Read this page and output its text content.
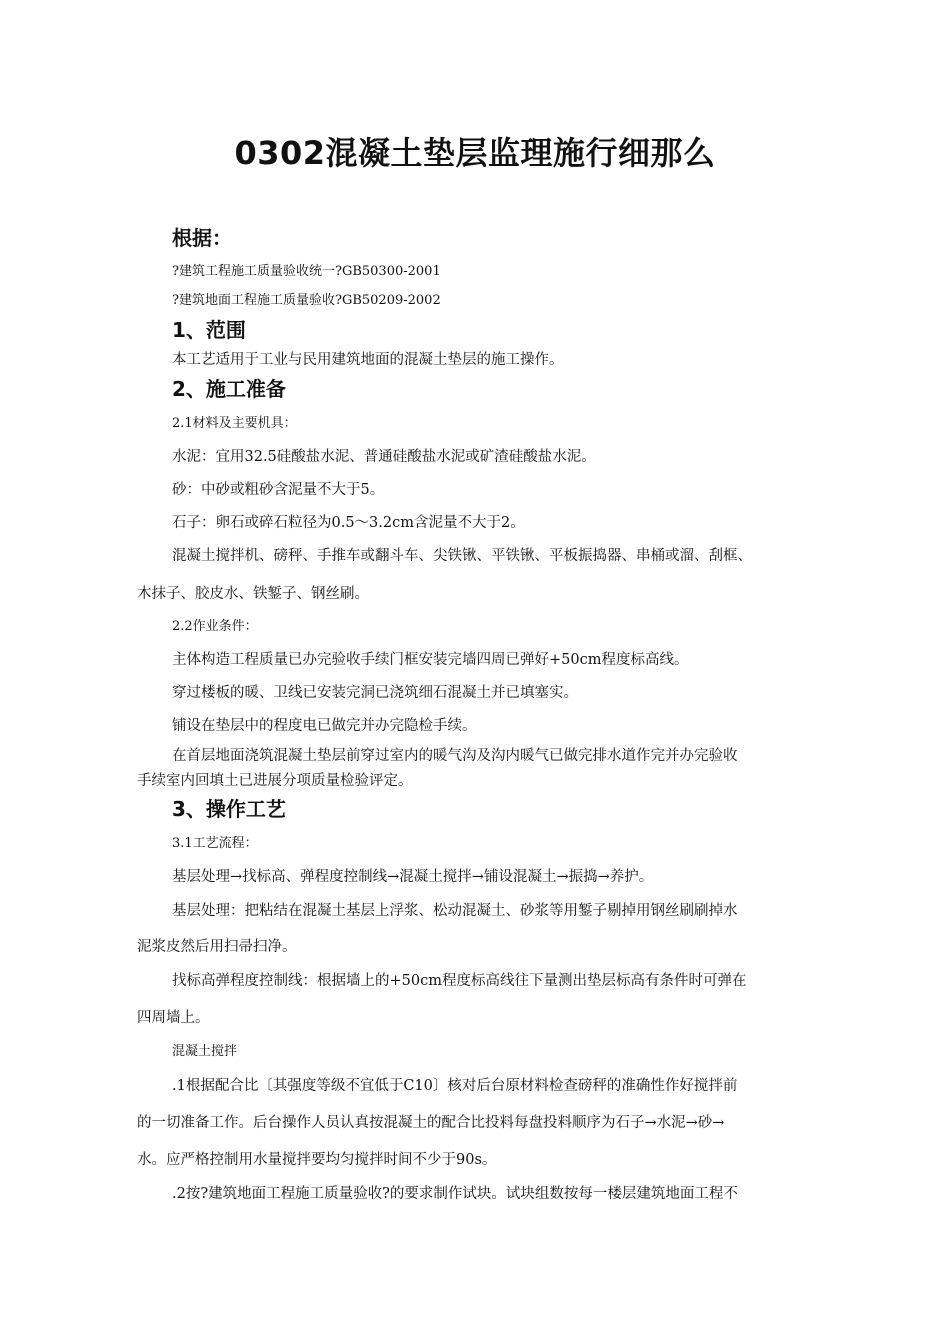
0302混凝土垫层监理施行细那么
根据：

?建筑工程施工质量验收统一?GB50300-2001

?建筑地面工程施工质量验收?GB50209-2002

1、范围

本工艺适用于工业与民用建筑地面的混凝土垫层的施工操作。

2、施工准备

2.1材料及主要机具：

水泥：宜用32.5硅酸盐水泥、普通硅酸盐水泥或矿渣硅酸盐水泥。

砂：中砂或粗砂含泥量不大于5。

石子：卵石或碎石粒径为0.5～3.2cm含泥量不大于2。

混凝土搅拌机、磅秤、手推车或翻斗车、尖铁锹、平铁锹、平板振捣器、串桶或溜、刮框、

木抹子、胶皮水、铁錾子、钢丝刷。

2.2作业条件：

主体构造工程质量已办完验收手续门框安装完墙四周已弹好+50cm程度标高线。

穿过楼板的暖、卫线已安装完洞已浇筑细石混凝土并已填塞实。

铺设在垫层中的程度电已做完并办完隐检手续。

在首层地面浇筑混凝土垫层前穿过室内的暖气沟及沟内暖气已做完排水道作完并办完验收

手续室内回填土已进展分项质量检验评定。

3、操作工艺

3.1工艺流程：

基层处理→找标高、弹程度控制线→混凝土搅拌→铺设混凝土→振捣→养护。

基层处理：把粘结在混凝土基层上浮浆、松动混凝土、砂浆等用錾子剔掉用钢丝刷刷掉水

泥浆皮然后用扫帚扫净。

找标高弹程度控制线：根据墙上的+50cm程度标高线往下量测出垫层标高有条件时可弹在

四周墙上。

混凝土搅拌

.1根据配合比〔其强度等级不宜低于C10〕核对后台原材料检查磅秤的准确性作好搅拌前

的一切准备工作。后台操作人员认真按混凝土的配合比投料每盘投料顺序为石子→水泥→砂→

水。应严格控制用水量搅拌要均匀搅拌时间不少于90s。

.2按?建筑地面工程施工质量验收?的要求制作试块。试块组数按每一楼层建筑地面工程不
